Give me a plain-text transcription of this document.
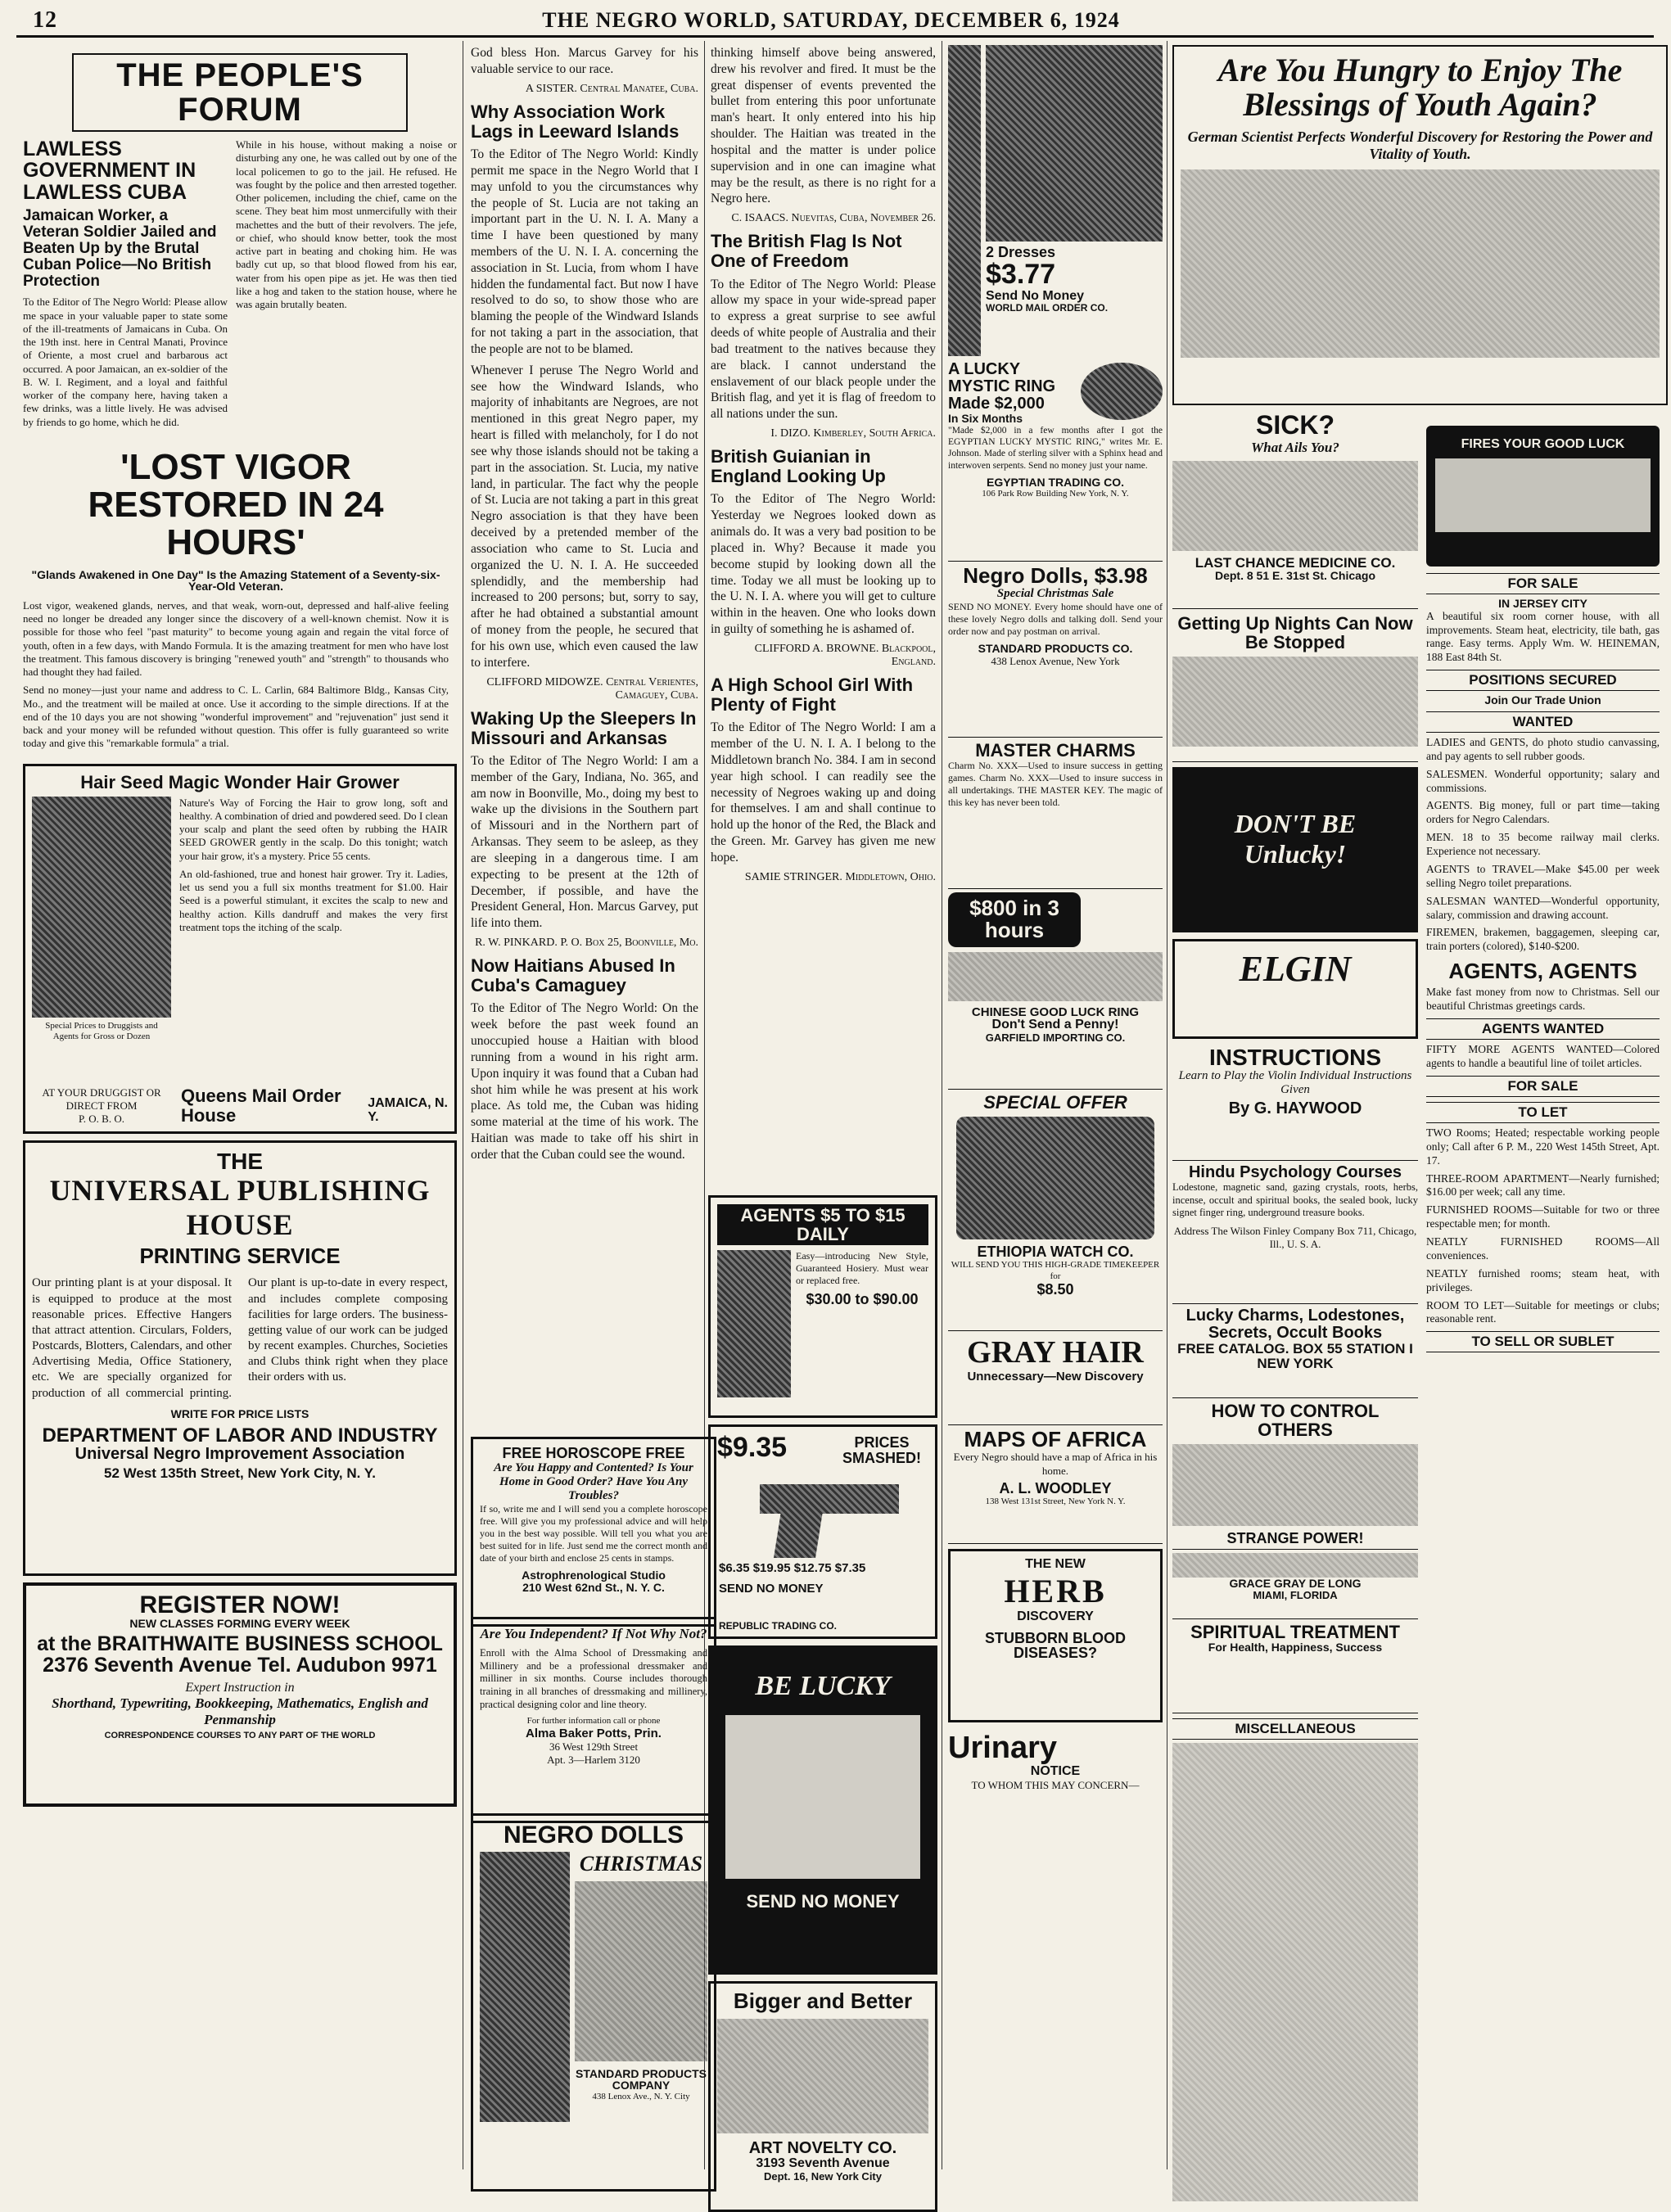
12	THE NEGRO WORLD, SATURDAY, DECEMBER 6, 1924
THE PEOPLE'S FORUM
LAWLESS GOVERNMENT IN LAWLESS CUBA
Jamaican Worker, a Veteran Soldier Jailed and Beaten Up by the Brutal Cuban Police—No British Protection

To the Editor of The Negro World: Please allow me space in your valuable paper to state some of the ill-treatments of Jamaicans in Cuba. On the 19th inst. here in Central Manati, Province of Oriente, a most cruel and barbarous act occurred. A poor Jamaican, an ex-soldier of the B. W. I. Regiment, and a loyal and faithful worker of the company here, having taken a few drinks, was a little lively. He was advised by friends to go home, which he did.

While in his house, without making a noise or disturbing any one, he was called out by one of the local policemen to go to the jail. He refused. He was fought by the police and then arrested together. Other policemen, including the chief, came on the scene. They beat him most unmercifully with their machettes and the butt of their revolvers. The jefe, or chief, who should know better, took the most active part in beating and choking him. He was badly cut up, so that blood flowed from his ear, water from his open pipe as jet. He was then tied like a hog and taken to the station house, where he was again brutally beaten.

'LOST VIGOR RESTORED IN 24 HOURS'
"Glands Awakened in One Day" Is the Amazing Statement of a Seventy-six-Year-Old Veteran.

Lost vigor, weakened glands, nerves, and that weak, worn-out, depressed and half-alive feeling need no longer be dreaded any longer since the discovery of a well-known chemist. Now it is possible for those who feel "past maturity" to become young again and regain the vital force of youth, often in a few days, with Mando Formula. It is the amazing treatment for men who have lost the treatment. This famous discovery is bringing "renewed youth" and "strength" to thousands who had thought they had failed.

Send no money—just your name and address to C. L. Carlin, 684 Baltimore Bldg., Kansas City, Mo., and the treatment will be mailed at once. Use it according to the simple directions. If at the end of the 10 days you are not showing "wonderful improvement" and "rejuvenation" just send it back and your money will be refunded without question. This offer is fully guaranteed so write today and give this "remarkable formula" a trial.

Hair Seed Magic Wonder Hair Grower
Special Prices to Druggists and Agents for Gross or Dozen

Nature's Way of Forcing the Hair to grow long, soft and healthy. A combination of dried and powdered seed. Do I clean your scalp and plant the seed often by rubbing the HAIR SEED GROWER gently in the scalp. Do this tonight; watch your hair grow, it's a mystery. Price 55 cents.

An old-fashioned, true and honest hair grower. Try it. Ladies, let us send you a full six months treatment for $1.00. Hair Seed is a powerful stimulant, it excites the scalp to new and healthy action. Kills dandruff and makes the very first treatment tops the itching of the scalp.

AT YOUR DRUGGIST OR DIRECT FROM
P. O. B. O.
Queens Mail Order House
JAMAICA, N. Y.
THE
UNIVERSAL PUBLISHING HOUSE
PRINTING SERVICE

Our printing plant is at your disposal. It is equipped to produce at the most reasonable prices. Effective Hangers that attract attention. Circulars, Folders, Postcards, Blotters, Calendars, and other Advertising Media, Office Stationery, etc. We are specially organized for production of all commercial printing. Our plant is up-to-date in every respect, and includes complete composing facilities for large orders. The business-getting value of our work can be judged by recent examples. Churches, Societies and Clubs think right when they place their orders with us.

WRITE FOR PRICE LISTS
DEPARTMENT OF LABOR AND INDUSTRY
Universal Negro Improvement Association
52 West 135th Street, New York City, N. Y.
REGISTER NOW!
NEW CLASSES FORMING EVERY WEEK
at the BRAITHWAITE BUSINESS SCHOOL
2376 Seventh Avenue Tel. Audubon 9971
Expert Instruction in
Shorthand, Typewriting, Bookkeeping, Mathematics, English and Penmanship
CORRESPONDENCE COURSES TO ANY PART OF THE WORLD

God bless Hon. Marcus Garvey for his valuable service to our race.

A SISTER. Central Manatee, Cuba.

Why Association Work Lags in Leeward Islands

To the Editor of The Negro World: Kindly permit me space in the Negro World that I may unfold to you the circumstances why the people of St. Lucia are not taking an important part in the U. N. I. A. Many a time I have been questioned by many members of the U. N. I. A. concerning the association in St. Lucia, from whom I have hidden the fundamental fact. But now I have resolved to do so, to show those who are blaming the people of the Windward Islands for not taking a part in the association, that the people are not to be blamed.

Whenever I peruse The Negro World and see how the Windward Islands, who majority of inhabitants are Negroes, are not mentioned in this great Negro paper, my heart is filled with melancholy, for I do not see why those islands should not be taking a part in the association. St. Lucia, my native land, in particular. The fact why the people of St. Lucia are not taking a part in this great Negro association is that they have been deceived by a pretended member of the association who came to St. Lucia and organized the U. N. I. A. He succeeded splendidly, and the membership had increased to 200 persons; but, sorry to say, after he had obtained a substantial amount of money from the people, he secured that for his own use, which even caused the law to interfere.

CLIFFORD MIDOWZE. Central Verientes, Camaguey, Cuba.

Waking Up the Sleepers In Missouri and Arkansas

To the Editor of The Negro World: I am a member of the Gary, Indiana, No. 365, and am now in Boonville, Mo., doing my best to wake up the divisions in the Southern part of Missouri and in the Northern part of Arkansas. They seem to be asleep, as they are sleeping in a dangerous time. I am expecting to be present at the 12th of December, if possible, and have the President General, Hon. Marcus Garvey, put life into them.

R. W. PINKARD. P. O. Box 25, Boonville, Mo.

Now Haitians Abused In Cuba's Camaguey

To the Editor of The Negro World: On the week before the past week found an unoccupied house a Haitian with blood running from a wound in his right arm. Upon inquiry it was found that a Cuban had shot him while he was present at his work place. As told me, the Cuban was hiding some material at the time of his work. The Haitian was made to take off his shirt in order that the Cuban could see the wound.

FREE HOROSCOPE FREE
Are You Happy and Contented? Is Your Home in Good Order? Have You Any Troubles?

If so, write me and I will send you a complete horoscope free. Will give you my professional advice and will help you in the best way possible. Will tell you what you are best suited for in life. Just send me the correct month and date of your birth and enclose 25 cents in stamps.

Astrophrenological Studio
210 West 62nd St., N. Y. C.
Are You Independent? If Not Why Not?

Enroll with the Alma School of Dressmaking and Millinery and be a professional dressmaker and milliner in six months. Course includes thorough training in all branches of dressmaking and millinery, practical designing color and line theory.

For further information call or phone
Alma Baker Potts, Prin.
36 West 129th Street
Apt. 3—Harlem 3120
NEGRO DOLLS
CHRISTMAS
STANDARD PRODUCTS COMPANY
438 Lenox Ave., N. Y. City

thinking himself above being answered, drew his revolver and fired. It must be the great dispenser of events prevented the bullet from entering this poor unfortunate man's heart. It only entered into his hip shoulder. The Haitian was treated in the hospital and the matter is under police supervision and in one can imagine what may be the result, as there is no right for a Negro here.

C. ISAACS. Nuevitas, Cuba, November 26.

The British Flag Is Not One of Freedom

To the Editor of The Negro World: Please allow my space in your wide-spread paper to express a great surprise to see awful deeds of white people of Australia and their bad treatment to the natives because they are black. I cannot understand the enslavement of our black people under the British flag, and yet it is flag of freedom to all nations under the sun.

I. DIZO. Kimberley, South Africa.

British Guianian in England Looking Up

To the Editor of The Negro World: Yesterday we Negroes looked down as animals do. It was a very bad position to be placed in. Why? Because it made you become stupid by looking down all the time. Today we all must be looking up to the U. N. I. A. where you will get to culture within in the heaven. One who looks down in guilty of something he is ashamed of.

CLIFFORD A. BROWNE. Blackpool, England.

A High School Girl With Plenty of Fight

To the Editor of The Negro World: I am a member of the U. N. I. A. I belong to the Middletown branch No. 384. I am in second year high school. I can readily see the necessity of Negroes waking up and doing for themselves. I am and shall continue to hold up the honor of the Red, the Black and the Green. Mr. Garvey has given me new hope.

SAMIE STRINGER. Middletown, Ohio.

AGENTS $5 TO $15 DAILY

Easy—introducing New Style, Guaranteed Hosiery. Must wear or replaced free.

$30.00 to $90.00
$9.35	PRICES SMASHED!
$6.35 $19.95 $12.75 $7.35
SEND NO MONEY
REPUBLIC TRADING CO.
BE LUCKY
SEND NO MONEY
Bigger and Better
ART NOVELTY CO.
3193 Seventh Avenue
Dept. 16, New York City
2 Dresses
$3.77
Send No Money
WORLD MAIL ORDER CO.
A LUCKY MYSTIC RING Made $2,000
In Six Months

"Made $2,000 in a few months after I got the EGYPTIAN LUCKY MYSTIC RING," writes Mr. E. Johnson. Made of sterling silver with a Sphinx head and interwoven serpents. Send no money just your name.

EGYPTIAN TRADING CO.
106 Park Row Building New York, N. Y.
Negro Dolls, $3.98
Special Christmas Sale

SEND NO MONEY. Every home should have one of these lovely Negro dolls and talking doll. Send your order now and pay postman on arrival.

STANDARD PRODUCTS CO.
438 Lenox Avenue, New York
MASTER CHARMS

Charm No. XXX—Used to insure success in getting games. Charm No. XXX—Used to insure success in all undertakings. THE MASTER KEY. The magic of this key has never been told.

$800 in 3 hours
CHINESE GOOD LUCK RING
Don't Send a Penny!
GARFIELD IMPORTING CO.
SPECIAL OFFER
ETHIOPIA WATCH CO.
WILL SEND YOU THIS HIGH-GRADE TIMEKEEPER for
$8.50
GRAY HAIR
Unnecessary—New Discovery
MAPS OF AFRICA
Every Negro should have a map of Africa in his home.
A. L. WOODLEY
138 West 131st Street, New York N. Y.
THE NEW
HERB
DISCOVERY
STUBBORN BLOOD DISEASES?
Urinary
NOTICE
TO WHOM THIS MAY CONCERN—
Are You Hungry to Enjoy The Blessings of Youth Again?
German Scientist Perfects Wonderful Discovery for Restoring the Power and Vitality of Youth.
SICK?
What Ails You?
LAST CHANCE MEDICINE CO.
Dept. 8 51 E. 31st St. Chicago
Getting Up Nights Can Now Be Stopped
DON'T BE Unlucky!
ELGIN
INSTRUCTIONS
Learn to Play the Violin Individual Instructions Given
By G. HAYWOOD
Hindu Psychology Courses

Lodestone, magnetic sand, gazing crystals, roots, herbs, incense, occult and spiritual books, the sealed book, lucky signet finger ring, underground treasure books.

Address The Wilson Finley Company Box 711, Chicago, Ill., U. S. A.
Lucky Charms, Lodestones, Secrets, Occult Books
FREE CATALOG. BOX 55 STATION I NEW YORK
HOW TO CONTROL OTHERS
STRANGE POWER!
GRACE GRAY DE LONG
MIAMI, FLORIDA
SPIRITUAL TREATMENT
For Health, Happiness, Success
MISCELLANEOUS
FIRES YOUR GOOD LUCK
FOR SALE
IN JERSEY CITY

A beautiful six room corner house, with all improvements. Steam heat, electricity, tile bath, gas range. Easy terms. Apply Wm. W. HEINEMAN, 188 East 84th St.

POSITIONS SECURED
Join Our Trade Union
WANTED

LADIES and GENTS, do photo studio canvassing, and pay agents to sell rubber goods.

SALESMEN. Wonderful opportunity; salary and commissions.

AGENTS. Big money, full or part time—taking orders for Negro Calendars.

MEN. 18 to 35 become railway mail clerks. Experience not necessary.

AGENTS to TRAVEL—Make $45.00 per week selling Negro toilet preparations.

SALESMAN WANTED—Wonderful opportunity, salary, commission and drawing account.

FIREMEN, brakemen, baggagemen, sleeping car, train porters (colored), $140-$200.

AGENTS, AGENTS

Make fast money from now to Christmas. Sell our beautiful Christmas greetings cards.

AGENTS WANTED

FIFTY MORE AGENTS WANTED—Colored agents to handle a beautiful line of toilet articles.

FOR SALE
TO LET

TWO Rooms; Heated; respectable working people only; Call after 6 P. M., 220 West 145th Street, Apt. 17.

THREE-ROOM APARTMENT—Nearly furnished; $16.00 per week; call any time.

FURNISHED ROOMS—Suitable for two or three respectable men; for month.

NEATLY FURNISHED ROOMS—All conveniences.

NEATLY furnished rooms; steam heat, with privileges.

ROOM TO LET—Suitable for meetings or clubs; reasonable rent.

TO SELL OR SUBLET
